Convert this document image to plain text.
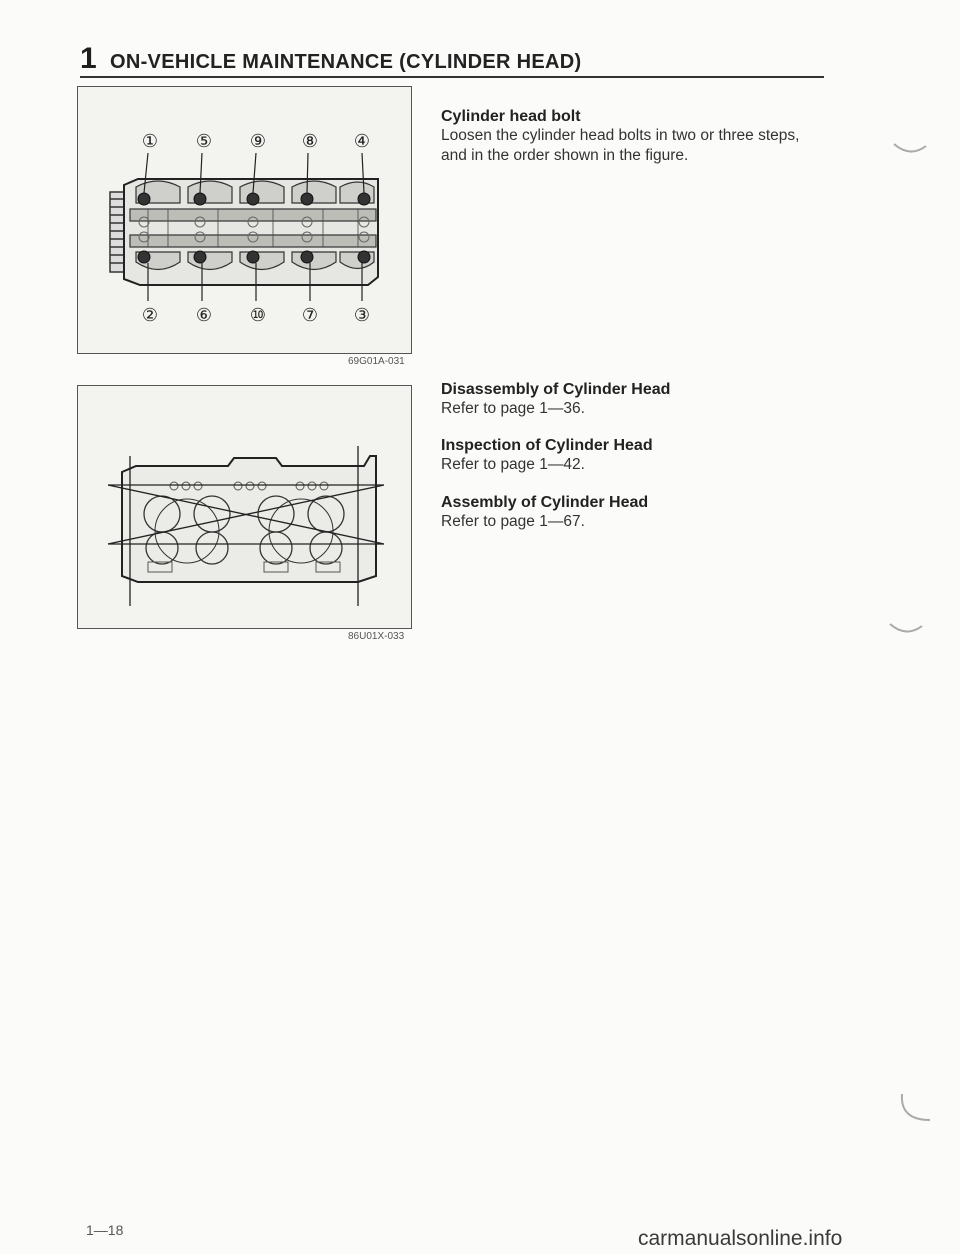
1 ON-VEHICLE MAINTENANCE (CYLINDER HEAD)
① ⑤ ⑨ ⑧ ④
② ⑥ ⑩ ⑦ ③
69G01A-031
86U01X-033
Cylinder head bolt

Loosen the cylinder head bolts in two or three steps,

and in the order shown in the figure.

Disassembly of Cylinder Head

Refer to page 1—36.

Inspection of Cylinder Head

Refer to page 1—42.

Assembly of Cylinder Head

Refer to page 1—67.

1—18	carmanualsonline.info
